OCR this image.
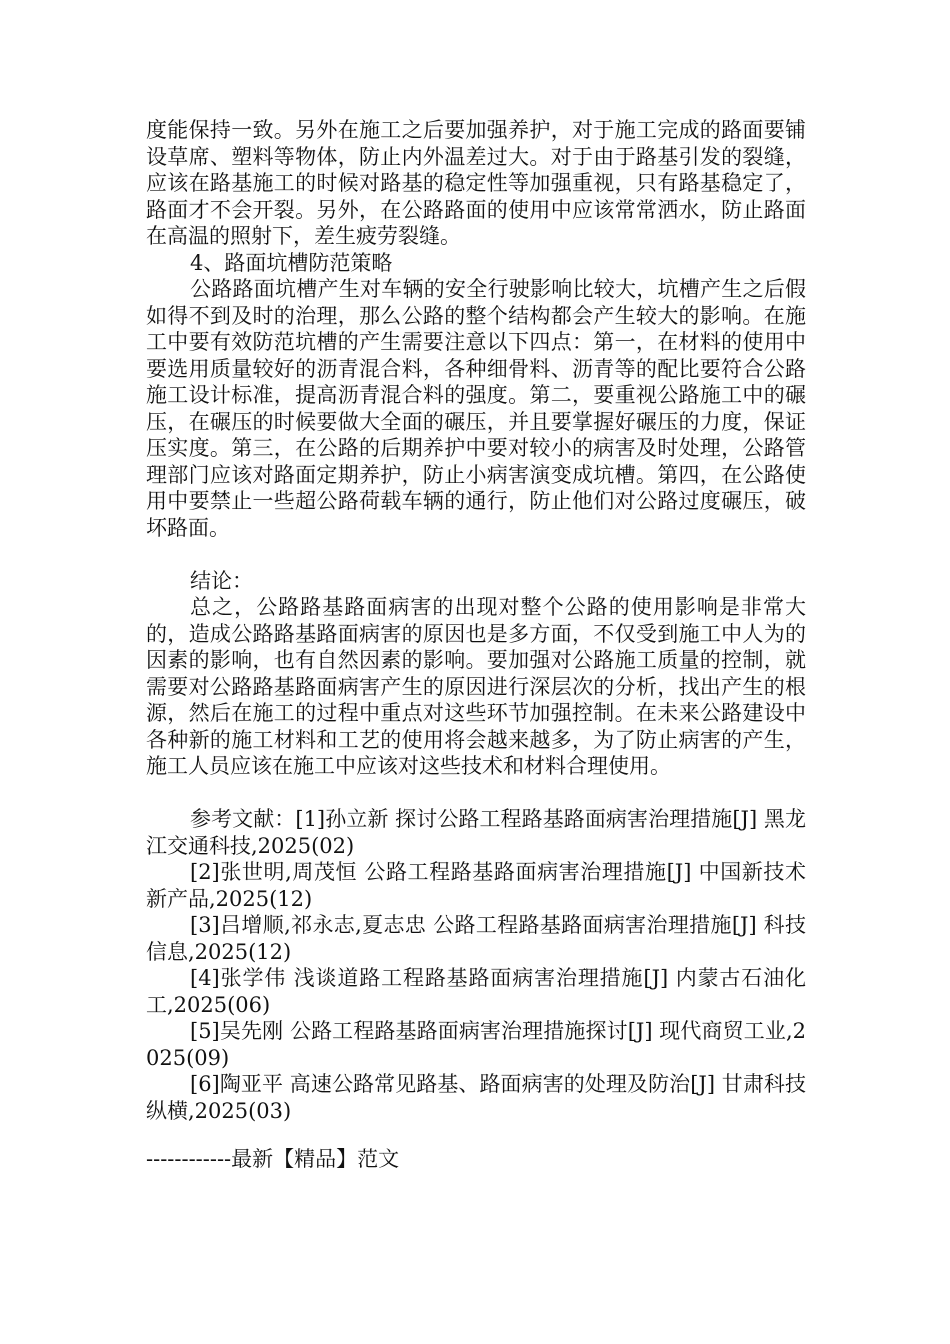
度能保持一致。另外在施工之后要加强养护，对于施工完成的路面要铺设草席、塑料等物体，防止内外温差过大。对于由于路基引发的裂缝，应该在路基施工的时候对路基的稳定性等加强重视，只有路基稳定了，路面才不会开裂。另外，在公路路面的使用中应该常常洒水，防止路面在高温的照射下，差生疲劳裂缝。

4、路面坑槽防范策略

公路路面坑槽产生对车辆的安全行驶影响比较大，坑槽产生之后假如得不到及时的治理，那么公路的整个结构都会产生较大的影响。在施工中要有效防范坑槽的产生需要注意以下四点：第一，在材料的使用中要选用质量较好的沥青混合料，各种细骨料、沥青等的配比要符合公路施工设计标准，提高沥青混合料的强度。第二，要重视公路施工中的碾压，在碾压的时候要做大全面的碾压，并且要掌握好碾压的力度，保证压实度。第三，在公路的后期养护中要对较小的病害及时处理，公路管理部门应该对路面定期养护，防止小病害演变成坑槽。第四，在公路使用中要禁止一些超公路荷载车辆的通行，防止他们对公路过度碾压，破坏路面。

结论：

总之，公路路基路面病害的出现对整个公路的使用影响是非常大的，造成公路路基路面病害的原因也是多方面，不仅受到施工中人为的因素的影响，也有自然因素的影响。要加强对公路施工质量的控制，就需要对公路路基路面病害产生的原因进行深层次的分析，找出产生的根源，然后在施工的过程中重点对这些环节加强控制。在未来公路建设中各种新的施工材料和工艺的使用将会越来越多，为了防止病害的产生，施工人员应该在施工中应该对这些技术和材料合理使用。

参考文献：[1]孙立新 探讨公路工程路基路面病害治理措施[J] 黑龙江交通科技,2025(02)

[2]张世明,周茂恒 公路工程路基路面病害治理措施[J] 中国新技术新产品,2025(12)

[3]吕增顺,祁永志,夏志忠 公路工程路基路面病害治理措施[J] 科技信息,2025(12)

[4]张学伟 浅谈道路工程路基路面病害治理措施[J] 内蒙古石油化工,2025(06)

[5]吴先刚 公路工程路基路面病害治理措施探讨[J] 现代商贸工业,2025(09)

[6]陶亚平 高速公路常见路基、路面病害的处理及防治[J] 甘肃科技纵横,2025(03)

------------最新【精品】范文
